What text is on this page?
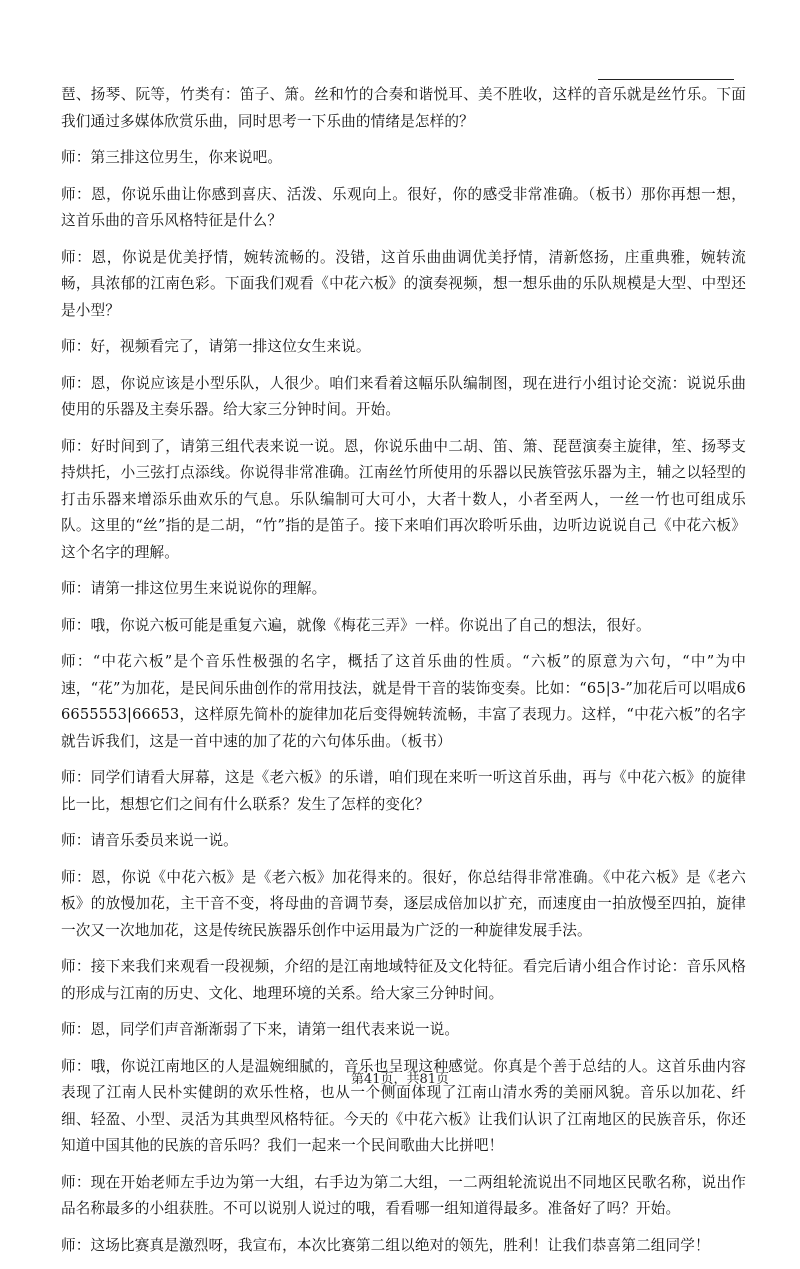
琶、扬琴、阮等，竹类有：笛子、箫。丝和竹的合奏和谐悦耳、美不胜收，这样的音乐就是丝竹乐。下面我们通过多媒体欣赏乐曲，同时思考一下乐曲的情绪是怎样的？

师：第三排这位男生，你来说吧。

师：恩，你说乐曲让你感到喜庆、活泼、乐观向上。很好，你的感受非常准确。（板书）那你再想一想，这首乐曲的音乐风格特征是什么？

师：恩，你说是优美抒情，婉转流畅的。没错，这首乐曲曲调优美抒情，清新悠扬，庄重典雅，婉转流畅，具浓郁的江南色彩。下面我们观看《中花六板》的演奏视频，想一想乐曲的乐队规模是大型、中型还是小型？

师：好，视频看完了，请第一排这位女生来说。

师：恩，你说应该是小型乐队，人很少。咱们来看着这幅乐队编制图，现在进行小组讨论交流：说说乐曲使用的乐器及主奏乐器。给大家三分钟时间。开始。

师：好时间到了，请第三组代表来说一说。恩，你说乐曲中二胡、笛、箫、琵琶演奏主旋律，笙、扬琴支持烘托，小三弦打点添线。你说得非常准确。江南丝竹所使用的乐器以民族管弦乐器为主，辅之以轻型的打击乐器来增添乐曲欢乐的气息。乐队编制可大可小，大者十数人，小者至两人，一丝一竹也可组成乐队。这里的“丝”指的是二胡，“竹”指的是笛子。接下来咱们再次聆听乐曲，边听边说说自己《中花六板》这个名字的理解。

师：请第一排这位男生来说说你的理解。

师：哦，你说六板可能是重复六遍，就像《梅花三弄》一样。你说出了自己的想法，很好。

师：“中花六板”是个音乐性极强的名字，概括了这首乐曲的性质。“六板”的原意为六句，“中”为中速，“花”为加花，是民间乐曲创作的常用技法，就是骨干音的装饰变奏。比如：“65|3-”加花后可以唱成66655553|66653，这样原先简朴的旋律加花后变得婉转流畅，丰富了表现力。这样，“中花六板”的名字就告诉我们，这是一首中速的加了花的六句体乐曲。（板书）

师：同学们请看大屏幕，这是《老六板》的乐谱，咱们现在来听一听这首乐曲，再与《中花六板》的旋律比一比，想想它们之间有什么联系？发生了怎样的变化？

师：请音乐委员来说一说。

师：恩，你说《中花六板》是《老六板》加花得来的。很好，你总结得非常准确。《中花六板》是《老六板》的放慢加花，主干音不变，将母曲的音调节奏，逐层成倍加以扩充，而速度由一拍放慢至四拍，旋律一次又一次地加花，这是传统民族器乐创作中运用最为广泛的一种旋律发展手法。

师：接下来我们来观看一段视频，介绍的是江南地域特征及文化特征。看完后请小组合作讨论：音乐风格的形成与江南的历史、文化、地理环境的关系。给大家三分钟时间。

师：恩，同学们声音渐渐弱了下来，请第一组代表来说一说。

师：哦，你说江南地区的人是温婉细腻的，音乐也呈现这种感觉。你真是个善于总结的人。这首乐曲内容表现了江南人民朴实健朗的欢乐性格，也从一个侧面体现了江南山清水秀的美丽风貌。音乐以加花、纤细、轻盈、小型、灵活为其典型风格特征。今天的《中花六板》让我们认识了江南地区的民族音乐，你还知道中国其他的民族的音乐吗？我们一起来一个民间歌曲大比拼吧！

师：现在开始老师左手边为第一大组，右手边为第二大组，一二两组轮流说出不同地区民歌名称，说出作品名称最多的小组获胜。不可以说别人说过的哦，看看哪一组知道得最多。准备好了吗？开始。

师：这场比赛真是激烈呀，我宣布，本次比赛第二组以绝对的领先，胜利！让我们恭喜第二组同学！

第41页，共81页
